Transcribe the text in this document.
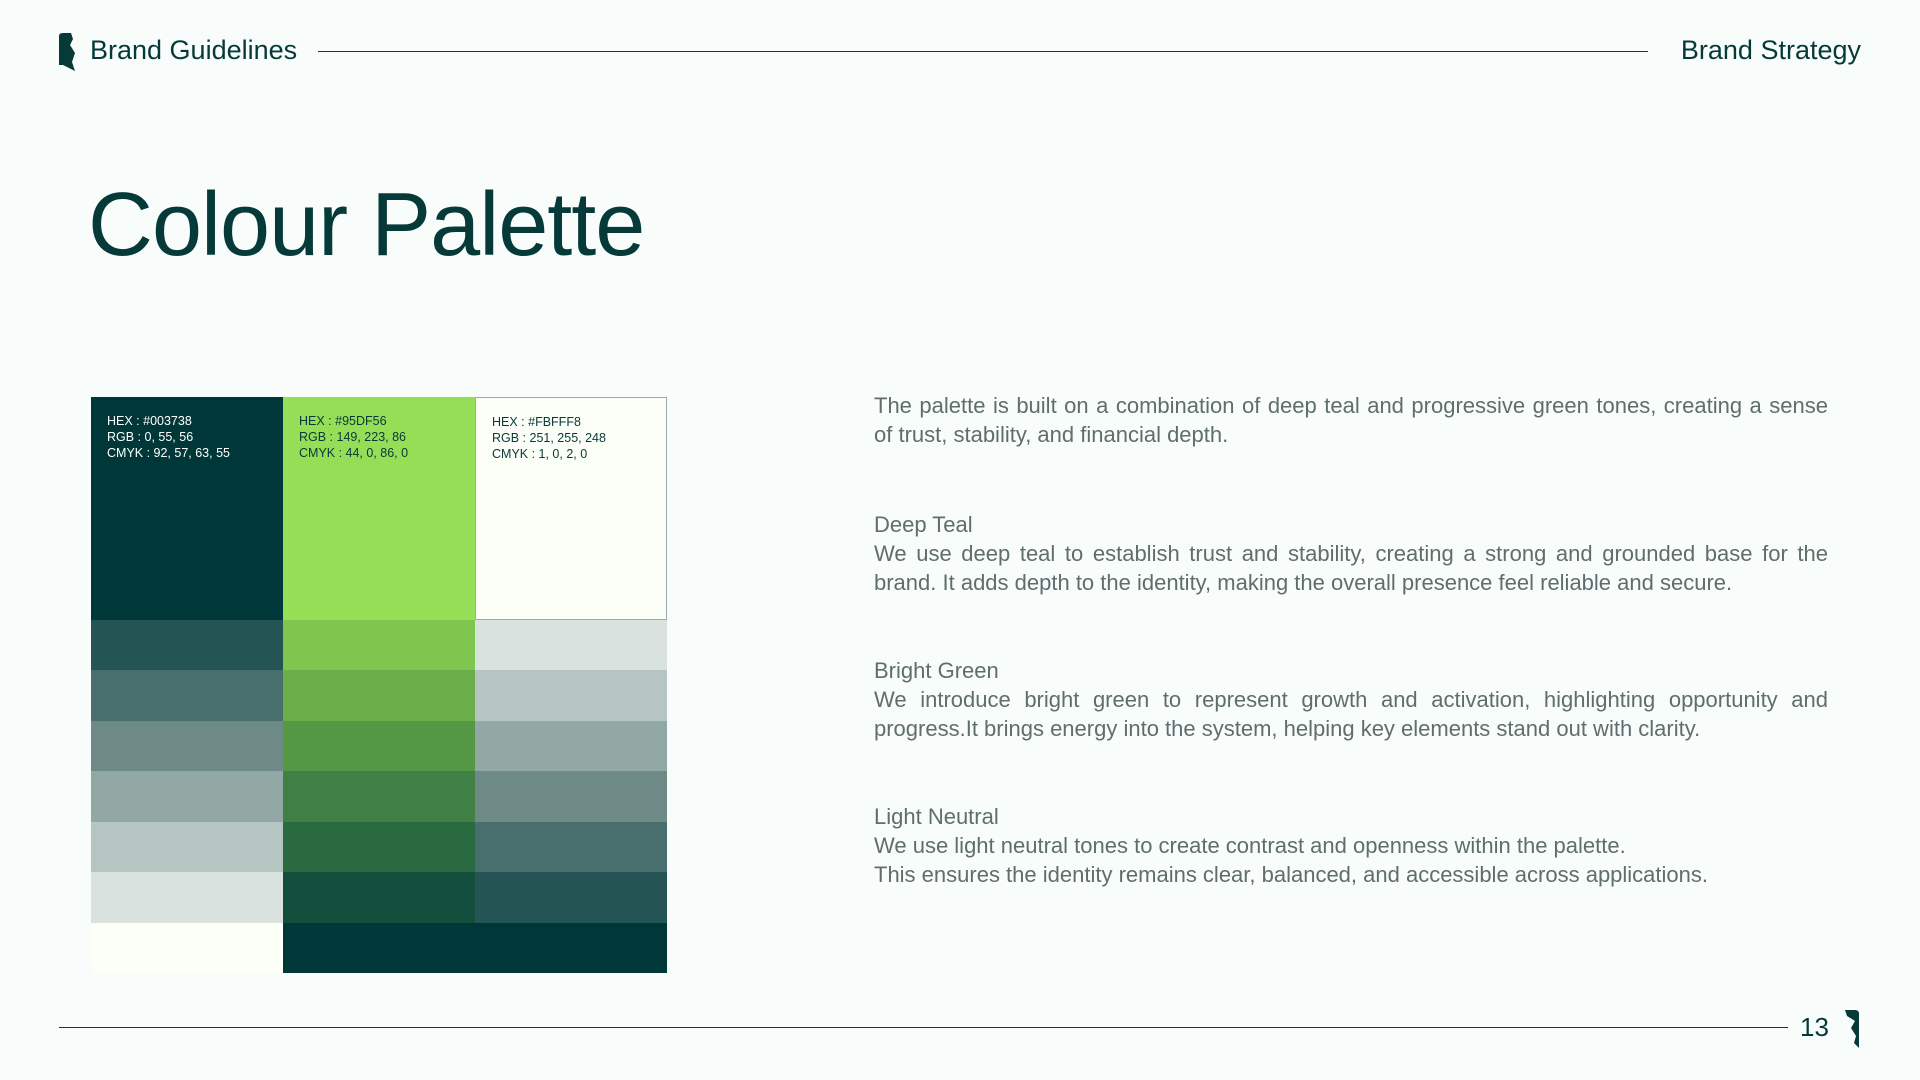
Brand Guidelines	Brand Strategy
Colour Palette

HEX : #003738

RGB : 0, 55, 56

CMYK : 92, 57, 63, 55

HEX : #95DF56

RGB : 149, 223, 86

CMYK : 44, 0, 86, 0

HEX : #FBFFF8

RGB : 251, 255, 248

CMYK : 1, 0, 2, 0

The palette is built on a combination of deep teal and progressive green tones, creating a sense of trust, stability, and financial depth.

Deep Teal

We use deep teal to establish trust and stability, creating a strong and grounded base for the brand. It adds depth to the identity, making the overall presence feel reliable and secure.

Bright Green

We introduce bright green to represent growth and activation, highlighting opportunity and progress.It brings energy into the system, helping key elements stand out with clarity.

Light Neutral

We use light neutral tones to create contrast and openness within the palette.

This ensures the identity remains clear, balanced, and accessible across applications.

13
